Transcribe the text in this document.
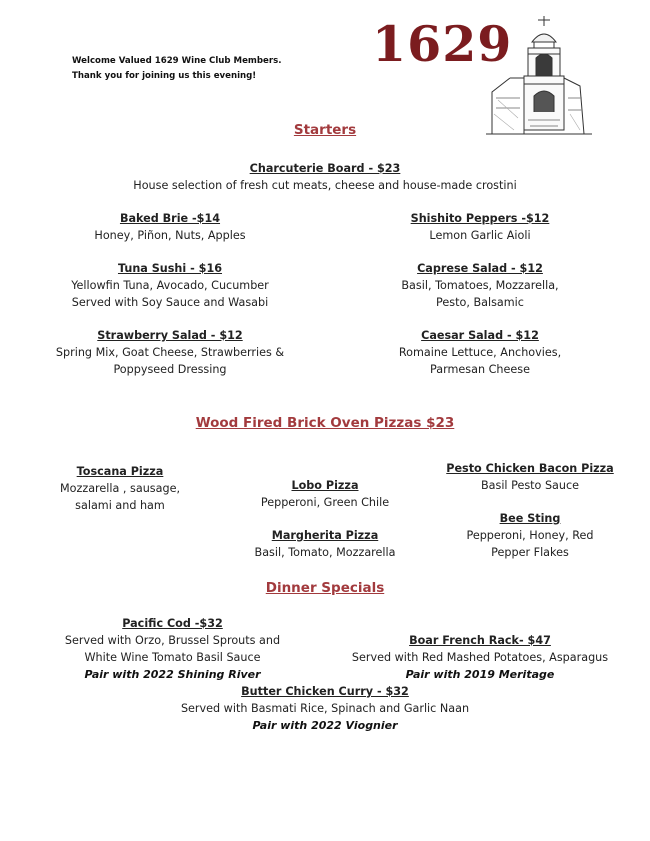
Welcome Valued 1629 Wine Club Members.
Thank you for joining us this evening!
1629
Starters
Charcuterie Board - $23
House selection of fresh cut meats, cheese and house-made crostini
Baked Brie -$14
Honey, Piñon, Nuts, Apples
Shishito Peppers -$12
Lemon Garlic Aioli
Tuna Sushi - $16
Yellowfin Tuna, Avocado, Cucumber
Served with Soy Sauce and Wasabi
Caprese Salad - $12
Basil, Tomatoes, Mozzarella,
Pesto, Balsamic
Strawberry Salad - $12
Spring Mix, Goat Cheese, Strawberries &
Poppyseed Dressing
Caesar Salad - $12
Romaine Lettuce, Anchovies,
Parmesan Cheese
Wood Fired Brick Oven Pizzas $23
Toscana Pizza
Mozzarella , sausage,
salami and ham
Lobo Pizza
Pepperoni, Green Chile
Margherita Pizza
Basil, Tomato, Mozzarella
Pesto Chicken Bacon Pizza
Basil Pesto Sauce
Bee Sting
Pepperoni, Honey, Red
Pepper Flakes
Dinner Specials
Pacific Cod -$32
Served with Orzo, Brussel Sprouts and
White Wine Tomato Basil Sauce
Pair with 2022 Shining River
Boar French Rack- $47
Served with Red Mashed Potatoes, Asparagus
Pair with 2019 Meritage
Butter Chicken Curry - $32
Served with Basmati Rice, Spinach and Garlic Naan
Pair with 2022 Viognier
